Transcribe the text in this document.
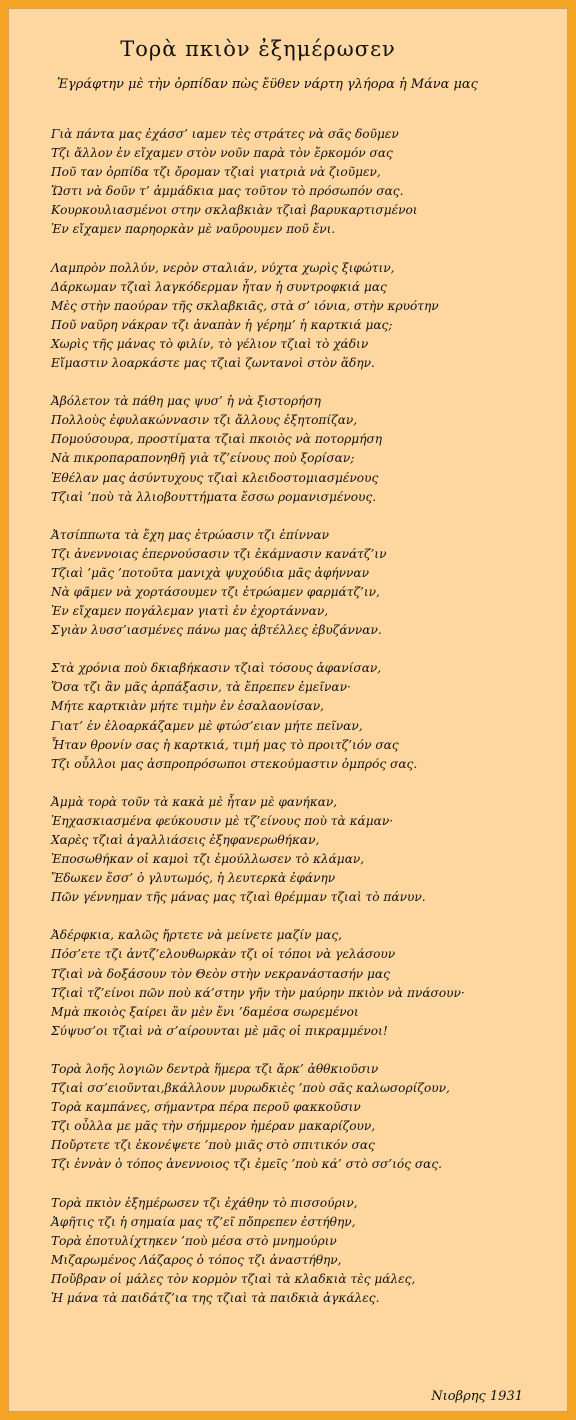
Τορὰ πκιὸν ἐξημέρωσεν
Ἐγράφτην μὲ τὴν ὀρπίδαν πὼς ἔϋθεν νάρτη γλήορα ἡ Μάνα μας
Γιὰ πάντα μας ἐχάσσ’ ιαμεν τὲς στράτες νὰ σᾶς δοῦμεν
Τζι ἄλλον ἐν εἴχαμεν στὸν νοῦν παρὰ τὸν ἔρκομόν σας
Ποῦ ταν ὀρπίδα τζι ὄρομαν τζιαὶ γιατριὰ νὰ ζιοῦμεν,
Ὥστι νὰ δοῦν τ’ ἀμμάδκια μας τοῦτον τὸ πρόσωπόν σας.
Κουρκουλιασμένοι στην σκλαβκιὰν τζιαὶ βαρυκαρτισμένοι
Ἐν εἴχαμεν παρηορκὰν μὲ ναῦρουμεν ποῦ ἔνι.
Λαμπρὸν πολλύν, νερὸν σταλιάν, νύχτα χωρὶς ξιφώτιν,
Δάρκωμαν τζιαὶ λαγκόδερμαν ἦταν ἡ συντροφκιά μας
Μὲς στὴν παούραν τῆς σκλαβκιᾶς, στὰ σ’ ιόνια, στὴν κρυότην
Ποῦ ναῦρη νάκραν τζι ἀναπὰν ἡ γέρημ’ ἡ καρτκιά μας;
Χωρὶς τῆς μάνας τὸ φιλίν, τὸ γέλιον τζιαὶ τὸ χάδιν
Εἴμαστιν λοαρκάστε μας τζιαὶ ζωντανοὶ στὸν ἅδην.
Ἀβόλετον τὰ πάθη μας ψυσ’ ἡ νὰ ξιστορήση
Πολλοὺς ἐφυλακώννασιν τζι ἄλλους ἐξητοπίζαν,
Πομούσουρα, προστίματα τζιαὶ πκοιὸς νὰ ποτορμήση
Νὰ πικροπαραπονηθῆ γιὰ τζ’είνους ποὺ ξορίσαν;
Ἐθέλαν μας ἀσύντυχους τζιαὶ κλειδοστομιασμένους
Τζιαὶ ’ποὺ τὰ λλιοβουττήματα ἔσσω ρομανισμένους.
Ἀτσίππωτα τὰ ἔχη μας ἐτρώασιν τζι ἐπίνναν
Τζι ἀνεννοιας ἐπερνούσασιν τζι ἐκάμνασιν κανάτζ’ιν
Τζιαὶ ’μᾶς ’ποτοῦτα μανιχὰ ψυχούδια μᾶς ἀφήνναν
Νὰ φᾶμεν νὰ χορτάσουμεν τζι ἐτρώαμεν φαρμάτζ’ιν,
Ἐν εἴχαμεν πογάλεμαν γιατὶ ἐν ἐχορτάνναν,
Σγιὰν λυσσ’ιασμένες πάνω μας ἀβτέλλες ἐβυζάνναν.
Στὰ χρόνια ποὺ δκιαβήκασιν τζιαὶ τόσους ἀφανίσαν,
Ὅσα τζι ἂν μᾶς ἀρπάξασιν, τὰ ἔπρεπεν ἐμεῖναν·
Μήτε καρτκιὰν μήτε τιμὴν ἐν ἐσαλαονίσαν,
Γιατ’ ἐν ἐλοαρκάζαμεν μὲ φτώσ’ειαν μήτε πεῖναν,
Ἦταν θρονίν σας ἡ καρτκιά, τιμή μας τὸ προιτζ’ιόν σας
Τζι οὖλλοι μας ἀσπροπρόσωποι στεκούμαστιν ὀμπρός σας.
Ἀμμὰ τορὰ τοῦν τὰ κακὰ μὲ ἦταν μὲ φανήκαν,
Ἐηχασκιασμένα φεύκουσιν μὲ τζ’είνους ποὺ τὰ κάμαν·
Χαρὲς τζιαὶ ἀγαλλιάσεις ἐξηφανερωθήκαν,
Ἐποσωθήκαν οἱ καμοὶ τζι ἐμούλλωσεν τὸ κλάμαν,
Ἔδωκεν ἔσσ’ ὁ γλυτωμός, ἡ λευτερκὰ ἐφάνην
Πῶν γέννημαν τῆς μάνας μας τζιαὶ θρέμμαν τζιαὶ τὸ πάνυν.
Ἀδέρφκια, καλῶς ἤρτετε νὰ μείνετε μαζίν μας,
Πόσ’ετε τζι ἀντζ’ελουθωρκὰν τζι οἱ τόποι νὰ γελάσουν
Τζιαὶ νὰ δοξάσουν τὸν Θεὸν στὴν νεκρανάστασήν μας
Τζιαὶ τζ’είνοι πῶν ποὺ κά’στην γῆν τὴν μαύρην πκιὸν νὰ πνάσουν·
Μμὰ πκοιὸς ξαίρει ἂν μὲν ἔνι ’δαμέσα σωρεμένοι
Σύψυσ’οι τζιαὶ νὰ σ’αίρουνται μὲ μᾶς οἱ πικραμμένοι!
Τορὰ λοῆς λογιῶν δεντρὰ ἥμερα τζι ἄρκ’ ἀθθκιοῦσιν
Τζιαὶ σσ’ειοῦνται,βκάλλουν μυρωδκιὲς ’ποὺ σᾶς καλωσορίζουν,
Τορὰ καμπάνες, σήμαντρα πέρα περοῦ φακκοῦσιν
Τζι οὖλλα με μᾶς τὴν σήμμερον ἡμέραν μακαρίζουν,
Ποὔρτετε τζι ἐκονέψετε ’ποὺ μιᾶς στὸ σπιτικόν σας
Τζι ἐννὰν ὁ τόπος ἀνεννοιος τζι ἐμεῖς ’ποὺ κά’ στὸ σσ’ιός σας.
Τορὰ πκιὸν ἐξημέρωσεν τζι ἐχάθην τὸ πισσούριν,
Ἀφῆτις τζι ἡ σημαία μας τζ’εῖ πὄπρεπεν ἐστήθην,
Τορὰ ἐποτυλίχτηκεν ’ποὺ μέσα στὸ μνημούριν
Μιζαρωμένος Λάζαρος ὁ τόπος τζι ἀναστήθην,
Ποὔβραν οἱ μάλες τὸν κορμὸν τζιαὶ τὰ κλαδκιὰ τὲς μάλες,
Ἡ μάνα τὰ παιδάτζ’ια της τζιαὶ τὰ παιδκιὰ ἀγκάλες.
Νιοβρης 1931
